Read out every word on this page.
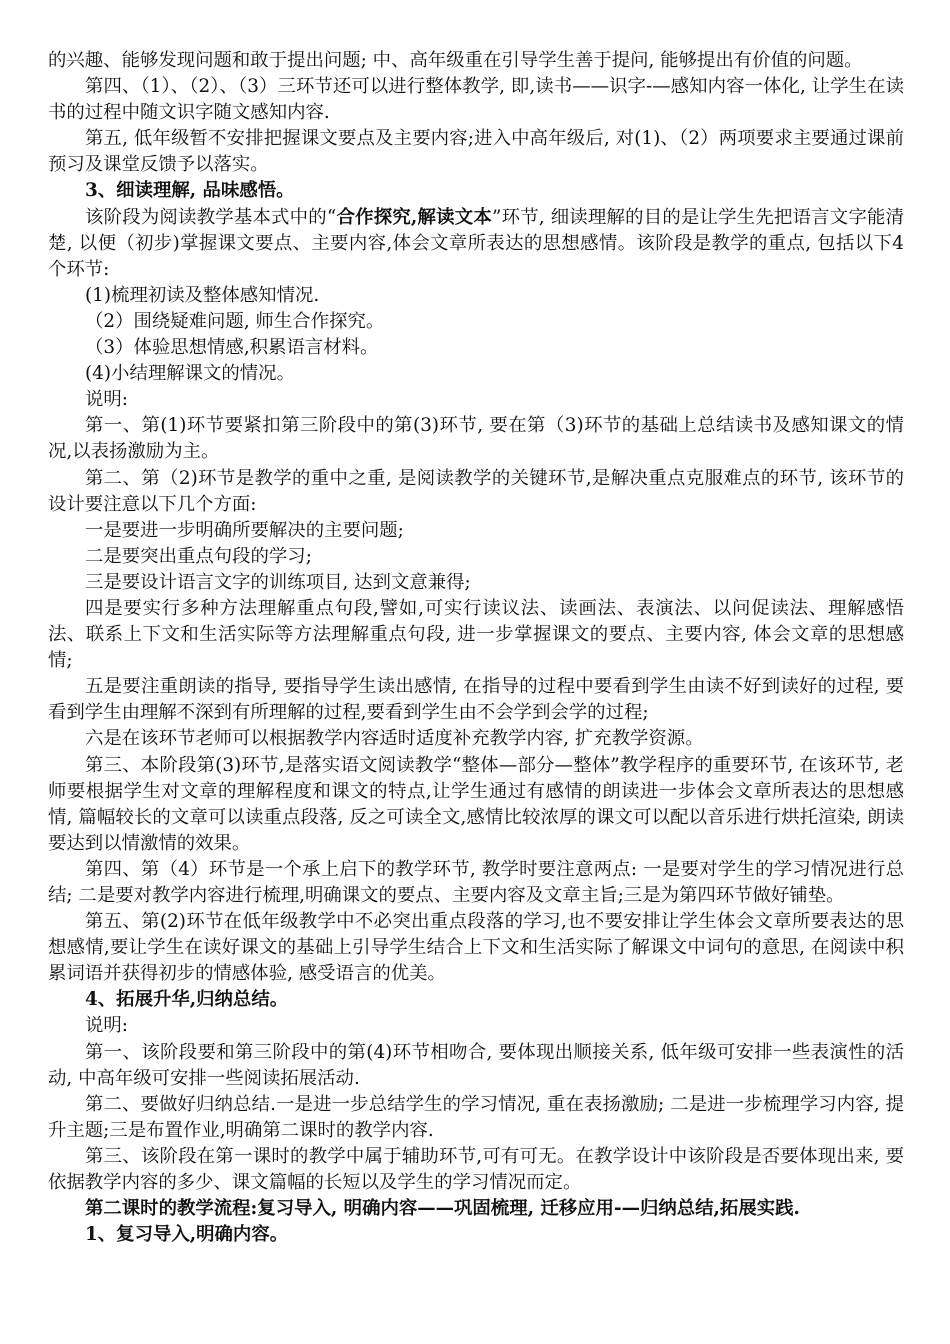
的兴趣、能够发现问题和敢于提出问题; 中、高年级重在引导学生善于提问, 能够提出有价值的问题。

第四、（1）、（2）、（3）三环节还可以进行整体教学, 即,读书——识字-—感知内容一体化, 让学生在读书的过程中随文识字随文感知内容.

第五, 低年级暂不安排把握课文要点及主要内容;进入中高年级后, 对(1)、（2）两项要求主要通过课前预习及课堂反馈予以落实。

3、细读理解, 品味感悟。

该阶段为阅读教学基本式中的“合作探究,解读文本”环节, 细读理解的目的是让学生先把语言文字能清楚, 以便（初步)掌握课文要点、主要内容,体会文章所表达的思想感情。该阶段是教学的重点, 包括以下4个环节:

(1)梳理初读及整体感知情况.

（2）围绕疑难问题, 师生合作探究。

（3）体验思想情感,积累语言材料。

(4)小结理解课文的情况。

说明:

第一、第(1)环节要紧扣第三阶段中的第(3)环节, 要在第（3)环节的基础上总结读书及感知课文的情况,以表扬激励为主。

第二、第（2)环节是教学的重中之重, 是阅读教学的关键环节,是解决重点克服难点的环节, 该环节的设计要注意以下几个方面:

一是要进一步明确所要解决的主要问题;

二是要突出重点句段的学习;

三是要设计语言文字的训练项目, 达到文意兼得;

四是要实行多种方法理解重点句段,譬如,可实行读议法、读画法、表演法、以问促读法、理解感悟法、联系上下文和生活实际等方法理解重点句段, 进一步掌握课文的要点、主要内容, 体会文章的思想感情;

五是要注重朗读的指导, 要指导学生读出感情, 在指导的过程中要看到学生由读不好到读好的过程, 要看到学生由理解不深到有所理解的过程,要看到学生由不会学到会学的过程;

六是在该环节老师可以根据教学内容适时适度补充教学内容, 扩充教学资源。

第三、本阶段第(3)环节,是落实语文阅读教学“整体—部分—整体”教学程序的重要环节, 在该环节, 老师要根据学生对文章的理解程度和课文的特点,让学生通过有感情的朗读进一步体会文章所表达的思想感情, 篇幅较长的文章可以读重点段落, 反之可读全文,感情比较浓厚的课文可以配以音乐进行烘托渲染, 朗读要达到以情激情的效果。

第四、第（4）环节是一个承上启下的教学环节, 教学时要注意两点: 一是要对学生的学习情况进行总结; 二是要对教学内容进行梳理,明确课文的要点、主要内容及文章主旨;三是为第四环节做好铺垫。

第五、第(2)环节在低年级教学中不必突出重点段落的学习,也不要安排让学生体会文章所要表达的思想感情,要让学生在读好课文的基础上引导学生结合上下文和生活实际了解课文中词句的意思, 在阅读中积累词语并获得初步的情感体验, 感受语言的优美。

4、拓展升华,归纳总结。

说明:

第一、该阶段要和第三阶段中的第(4)环节相吻合, 要体现出顺接关系, 低年级可安排一些表演性的活动, 中高年级可安排一些阅读拓展活动.

第二、要做好归纳总结.一是进一步总结学生的学习情况, 重在表扬激励; 二是进一步梳理学习内容, 提升主题;三是布置作业,明确第二课时的教学内容.

第三、该阶段在第一课时的教学中属于辅助环节,可有可无。在教学设计中该阶段是否要体现出来, 要依据教学内容的多少、课文篇幅的长短以及学生的学习情况而定。

第二课时的教学流程:复习导入, 明确内容——巩固梳理, 迁移应用-—归纳总结,拓展实践.

1、复习导入,明确内容。
